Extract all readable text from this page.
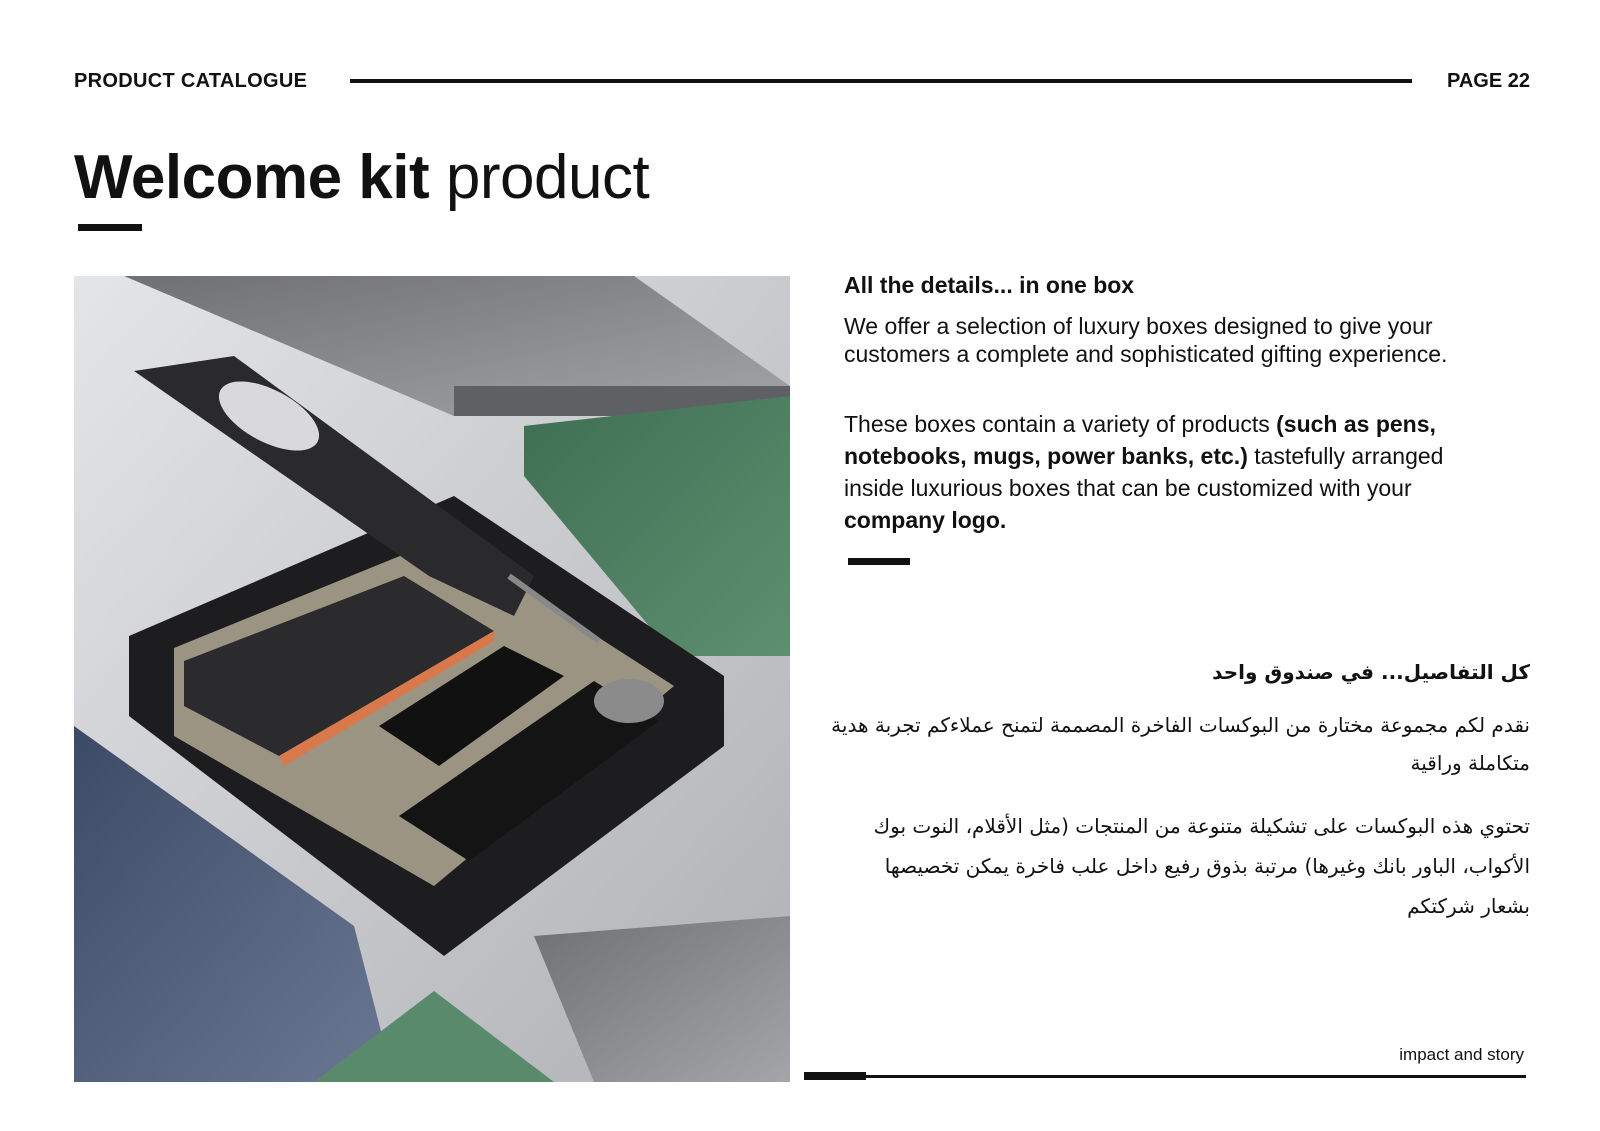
PRODUCT CATALOGUE	PAGE 22
Welcome kit product
All the details... in one box
We offer a selection of luxury boxes designed to give your customers a complete and sophisticated gifting experience.
These boxes contain a variety of products (such as pens, notebooks, mugs, power banks, etc.) tastefully arranged inside luxurious boxes that can be customized with your company logo.
كل التفاصيل... في صندوق واحد
نقدم لكم مجموعة مختارة من البوكسات الفاخرة المصممة لتمنح عملاءكم تجربة هدية متكاملة وراقية
تحتوي هذه البوكسات على تشكيلة متنوعة من المنتجات (مثل الأقلام، النوت بوك الأكواب، الباور بانك وغيرها) مرتبة بذوق رفيع داخل علب فاخرة يمكن تخصيصها بشعار شركتكم
impact and story
